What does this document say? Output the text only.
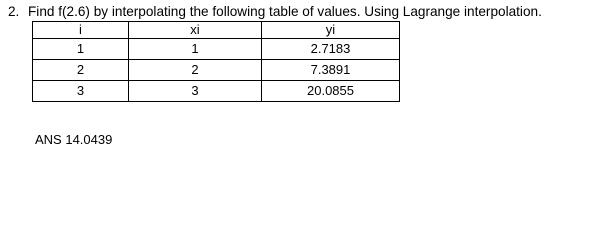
2. Find f(2.6) by interpolating the following table of values. Using Lagrange interpolation.
i	xi	yi
1	1	2.7183
2	2	7.3891
3	3	20.0855
ANS 14.0439
